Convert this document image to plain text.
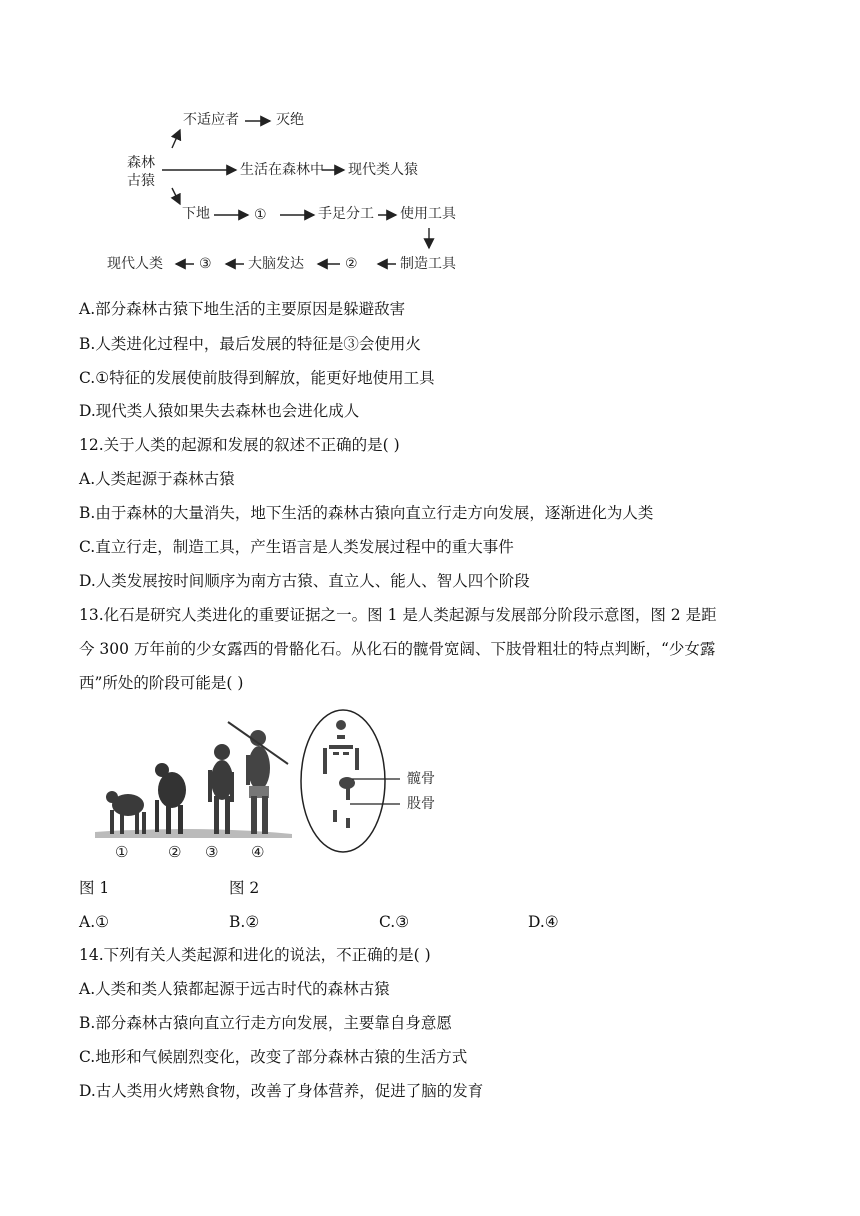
森林
古猿
不适应者	灭绝
生活在森林中 现代类人猿
下地	①	手足分工 使用工具
制造工具
②
大脑发达
③
现代人类
A.部分森林古猿下地生活的主要原因是躲避敌害
B.人类进化过程中，最后发展的特征是③会使用火
C.①特征的发展使前肢得到解放，能更好地使用工具
D.现代类人猿如果失去森林也会进化成人
12.关于人类的起源和发展的叙述不正确的是( )
A.人类起源于森林古猿
B.由于森林的大量消失，地下生活的森林古猿向直立行走方向发展，逐渐进化为人类
C.直立行走，制造工具，产生语言是人类发展过程中的重大事件
D.人类发展按时间顺序为南方古猿、直立人、能人、智人四个阶段
13.化石是研究人类进化的重要证据之一。图 1 是人类起源与发展部分阶段示意图，图 2 是距
今 300 万年前的少女露西的骨骼化石。从化石的髋骨宽阔、下肢骨粗壮的特点判断，“少女露
西”所处的阶段可能是( )
①	② ③ ④
髋骨
股骨
图 1	图 2
A.①	B.②	C.③	D.④
14.下列有关人类起源和进化的说法，不正确的是( )
A.人类和类人猿都起源于远古时代的森林古猿
B.部分森林古猿向直立行走方向发展，主要靠自身意愿
C.地形和气候剧烈变化，改变了部分森林古猿的生活方式
D.古人类用火烤熟食物，改善了身体营养，促进了脑的发育
